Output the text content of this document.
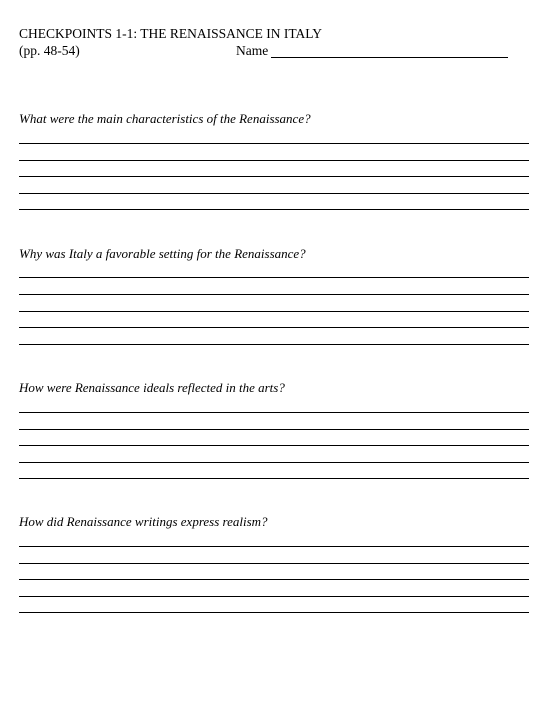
CHECKPOINTS 1-1: THE RENAISSANCE IN ITALY
(pp. 48-54)	Name
What were the main characteristics of the Renaissance?
Why was Italy a favorable setting for the Renaissance?
How were Renaissance ideals reflected in the arts?
How did Renaissance writings express realism?
